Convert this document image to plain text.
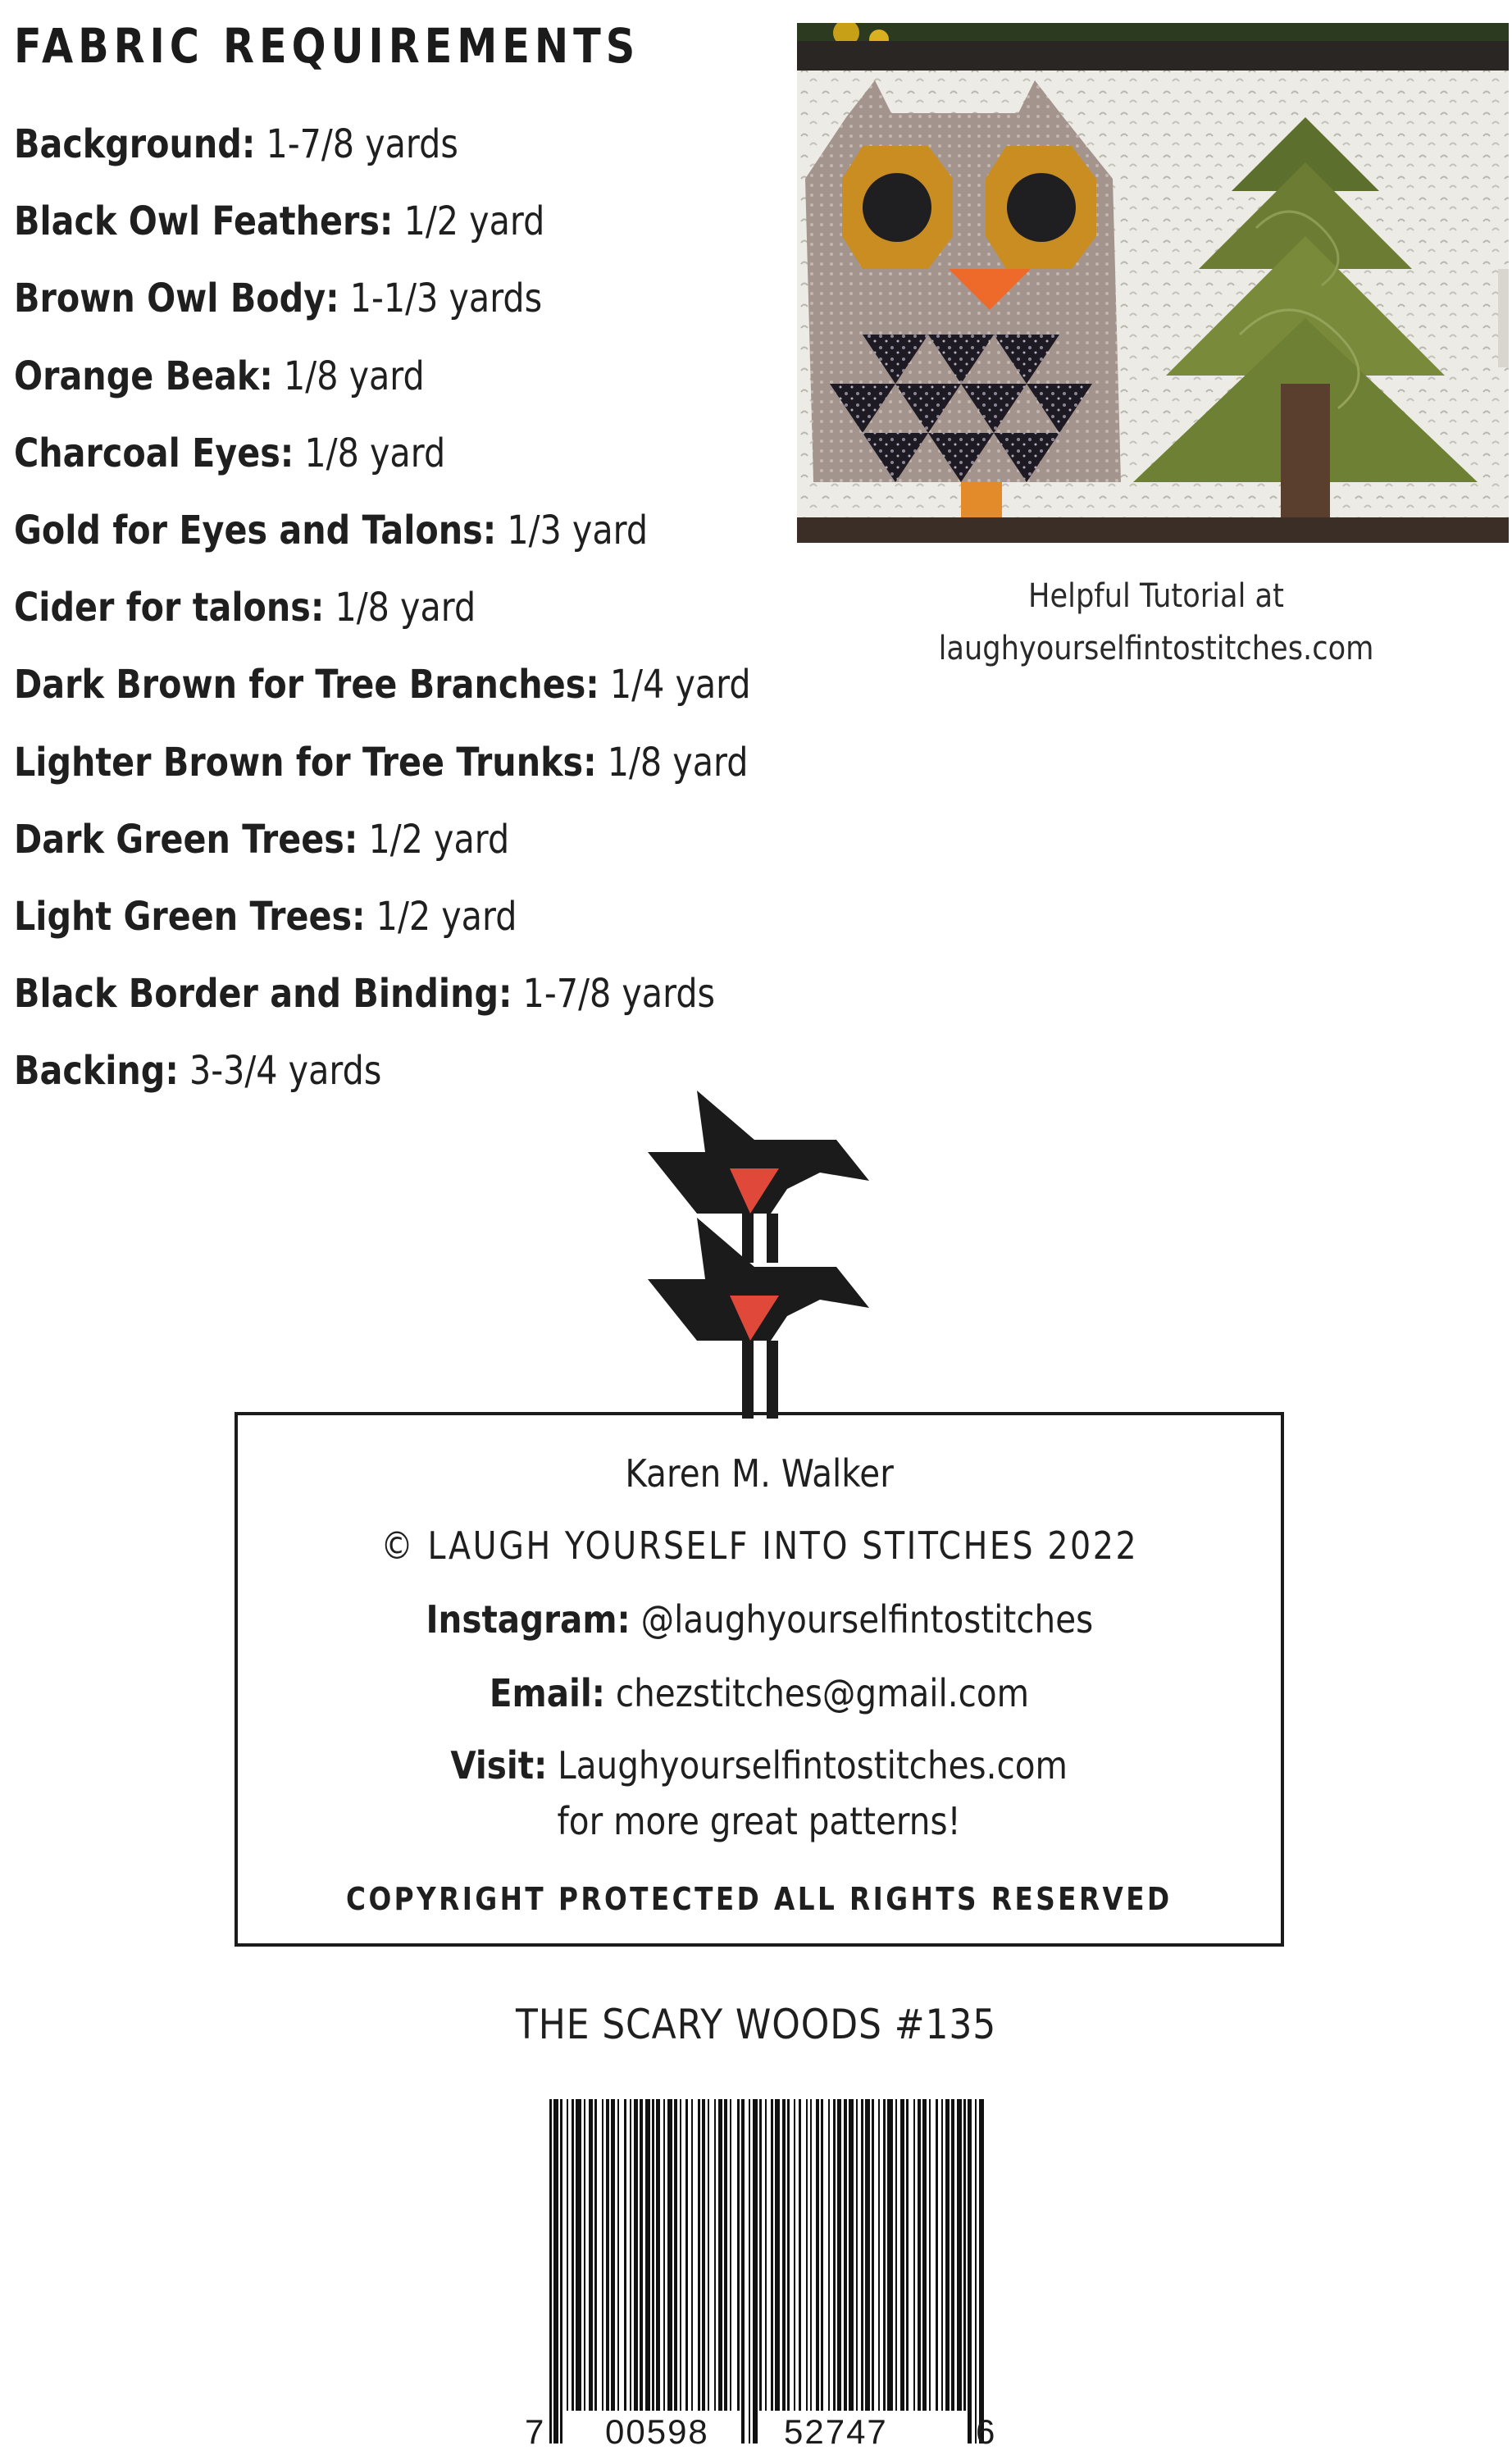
FABRIC REQUIREMENTS
Background: 1-7/8 yards
Black Owl Feathers: 1/2 yard
Brown Owl Body: 1-1/3 yards
Orange Beak: 1/8 yard
Charcoal Eyes: 1/8 yard
Gold for Eyes and Talons: 1/3 yard
Cider for talons: 1/8 yard
Dark Brown for Tree Branches: 1/4 yard
Lighter Brown for Tree Trunks: 1/8 yard
Dark Green Trees: 1/2 yard
Light Green Trees: 1/2 yard
Black Border and Binding: 1-7/8 yards
Backing: 3-3/4 yards
Helpful Tutorial at
laughyourselfintostitches.com
Karen M. Walker
© LAUGH YOURSELF INTO STITCHES 2022
Instagram: @laughyourselfintostitches
Email: chezstitches@gmail.com
Visit: Laughyourselfintostitches.com
for more great patterns!
COPYRIGHT PROTECTED ALL RIGHTS RESERVED
THE SCARY WOODS #135
7 00598 52747	6
